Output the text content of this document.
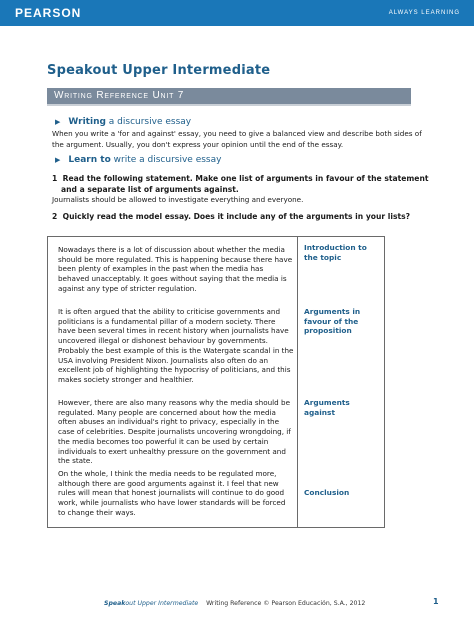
PEARSON	ALWAYS LEARNING
Speakout Upper Intermediate
Writing Reference Unit 7
▶ Writing a discursive essay
When you write a 'for and against' essay, you need to give a balanced view and describe both sides of the argument. Usually, you don't express your opinion until the end of the essay.
▶ Learn to write a discursive essay
1 Read the following statement. Make one list of arguments in favour of the statement
and a separate list of arguments against.
Journalists should be allowed to investigate everything and everyone.
2 Quickly read the model essay. Does it include any of the arguments in your lists?
Nowadays there is a lot of discussion about whether the media should be more regulated. This is happening because there have been plenty of examples in the past when the media has behaved unacceptably. It goes without saying that the media is against any type of stricter regulation.
It is often argued that the ability to criticise governments and politicians is a fundamental pillar of a modern society. There have been several times in recent history when journalists have uncovered illegal or dishonest behaviour by governments. Probably the best example of this is the Watergate scandal in the USA involving President Nixon. Journalists also often do an excellent job of highlighting the hypocrisy of politicians, and this makes society stronger and healthier.
However, there are also many reasons why the media should be regulated. Many people are concerned about how the media often abuses an individual's right to privacy, especially in the case of celebrities. Despite journalists uncovering wrongdoing, if the media becomes too powerful it can be used by certain individuals to exert unhealthy pressure on the government and the state.
On the whole, I think the media needs to be regulated more, although there are good arguments against it. I feel that new rules will mean that honest journalists will continue to do good work, while journalists who have lower standards will be forced to change their ways.
Introduction to the topic
Arguments in favour of the proposition
Arguments against
Conclusion
Speakout Upper Intermediate Writing Reference © Pearson Educación, S.A., 2012	1
